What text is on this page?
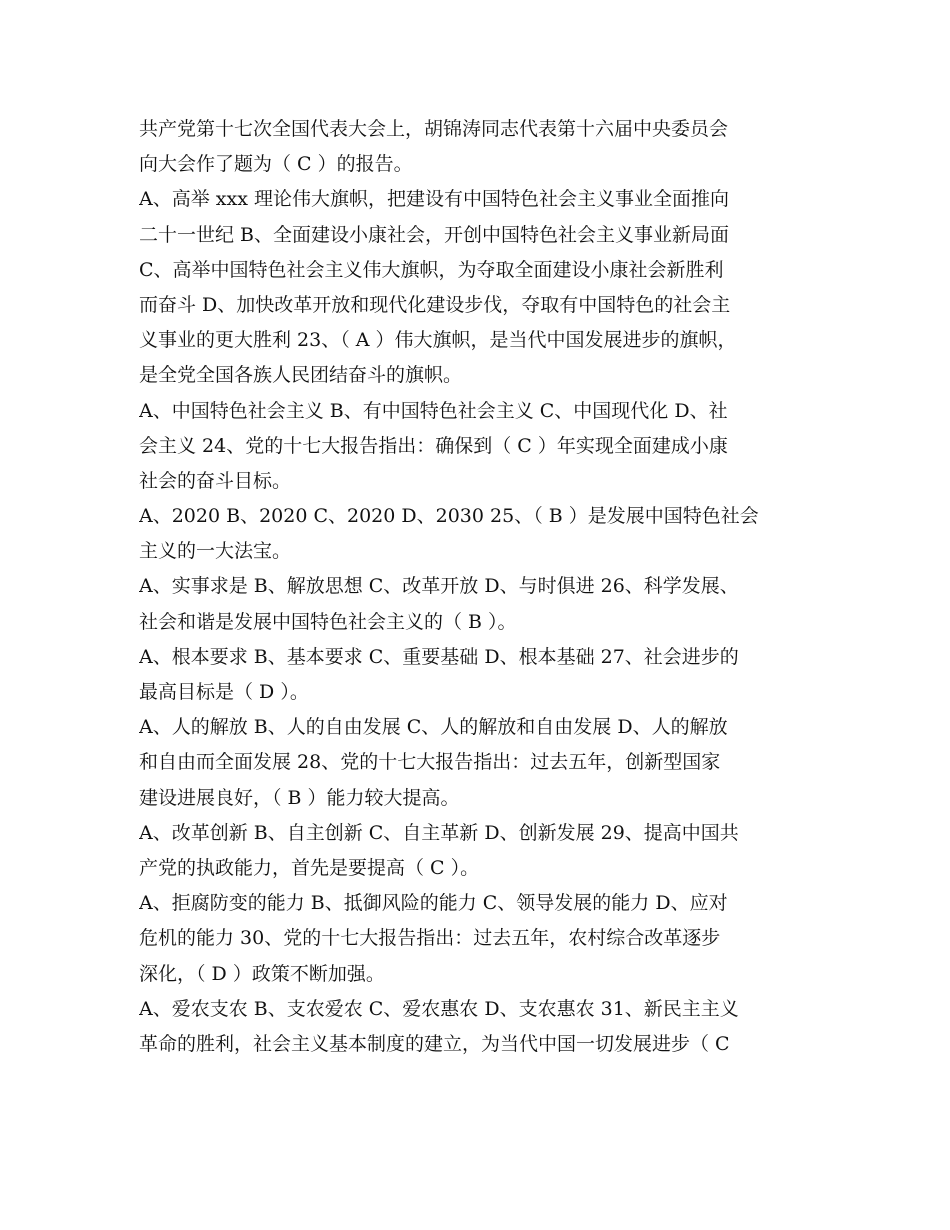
共产党第十七次全国代表大会上，胡锦涛同志代表第十六届中央委员会
向大会作了题为（ C ）的报告。
A、高举 xxx 理论伟大旗帜，把建设有中国特色社会主义事业全面推向
二十一世纪 B、全面建设小康社会，开创中国特色社会主义事业新局面
C、高举中国特色社会主义伟大旗帜，为夺取全面建设小康社会新胜利
而奋斗 D、加快改革开放和现代化建设步伐，夺取有中国特色的社会主
义事业的更大胜利 23、（ A ）伟大旗帜，是当代中国发展进步的旗帜，
是全党全国各族人民团结奋斗的旗帜。
A、中国特色社会主义 B、有中国特色社会主义 C、中国现代化 D、社
会主义 24、党的十七大报告指出：确保到（ C ）年实现全面建成小康
社会的奋斗目标。
A、2020 B、2020 C、2020 D、2030 25、（ B ）是发展中国特色社会
主义的一大法宝。
A、实事求是 B、解放思想 C、改革开放 D、与时俱进 26、科学发展、
社会和谐是发展中国特色社会主义的（ B ）。
A、根本要求 B、基本要求 C、重要基础 D、根本基础 27、社会进步的
最高目标是（ D ）。
A、人的解放 B、人的自由发展 C、人的解放和自由发展 D、人的解放
和自由而全面发展 28、党的十七大报告指出：过去五年，创新型国家
建设进展良好，（ B ）能力较大提高。
A、改革创新 B、自主创新 C、自主革新 D、创新发展 29、提高中国共
产党的执政能力，首先是要提高（ C ）。
A、拒腐防变的能力 B、抵御风险的能力 C、领导发展的能力 D、应对
危机的能力 30、党的十七大报告指出：过去五年，农村综合改革逐步
深化，（ D ）政策不断加强。
A、爱农支农 B、支农爱农 C、爱农惠农 D、支农惠农 31、新民主主义
革命的胜利，社会主义基本制度的建立，为当代中国一切发展进步（ C
